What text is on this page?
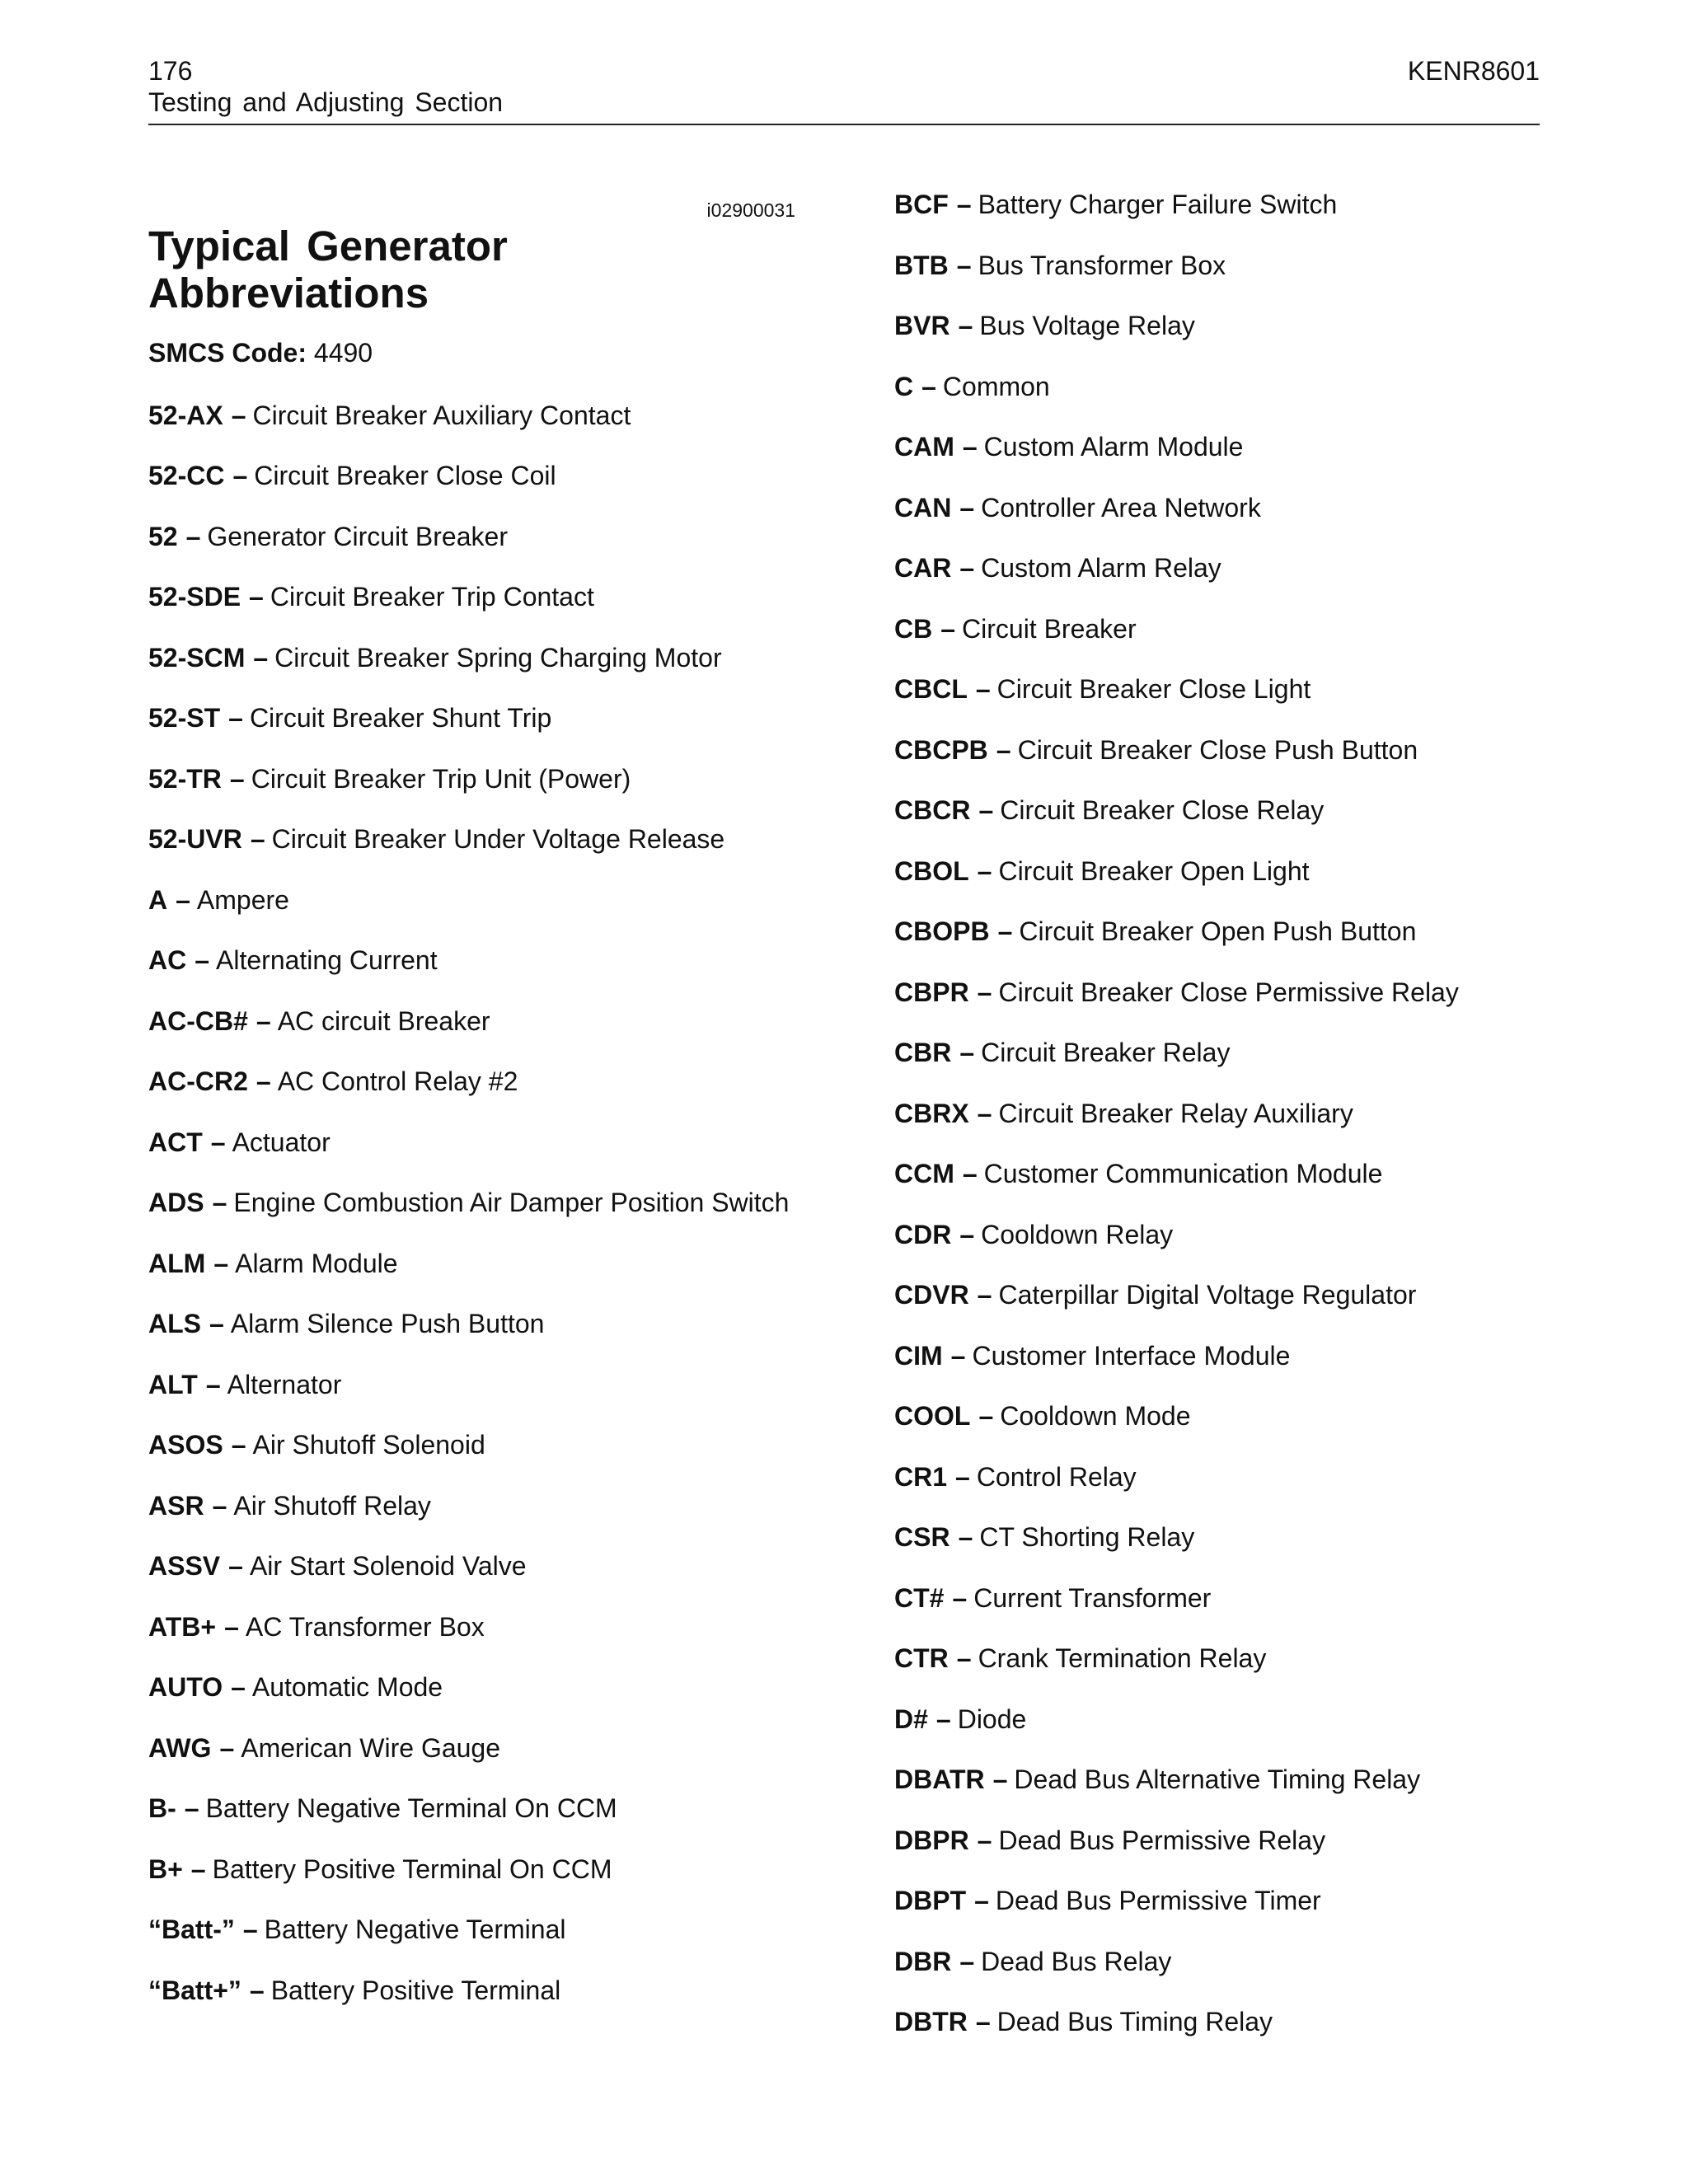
176	KENR8601
Testing and Adjusting Section
i02900031
Typical Generator
Abbreviations
SMCS Code: 4490
52-AX – Circuit Breaker Auxiliary Contact
52-CC – Circuit Breaker Close Coil
52 – Generator Circuit Breaker
52-SDE – Circuit Breaker Trip Contact
52-SCM – Circuit Breaker Spring Charging Motor
52-ST – Circuit Breaker Shunt Trip
52-TR – Circuit Breaker Trip Unit (Power)
52-UVR – Circuit Breaker Under Voltage Release
A – Ampere
AC – Alternating Current
AC-CB# – AC circuit Breaker
AC-CR2 – AC Control Relay #2
ACT – Actuator
ADS – Engine Combustion Air Damper Position Switch
ALM – Alarm Module
ALS – Alarm Silence Push Button
ALT – Alternator
ASOS – Air Shutoff Solenoid
ASR – Air Shutoff Relay
ASSV – Air Start Solenoid Valve
ATB+ – AC Transformer Box
AUTO – Automatic Mode
AWG – American Wire Gauge
B- – Battery Negative Terminal On CCM
B+ – Battery Positive Terminal On CCM
“Batt-” – Battery Negative Terminal
“Batt+” – Battery Positive Terminal
BCF – Battery Charger Failure Switch
BTB – Bus Transformer Box
BVR – Bus Voltage Relay
C – Common
CAM – Custom Alarm Module
CAN – Controller Area Network
CAR – Custom Alarm Relay
CB – Circuit Breaker
CBCL – Circuit Breaker Close Light
CBCPB – Circuit Breaker Close Push Button
CBCR – Circuit Breaker Close Relay
CBOL – Circuit Breaker Open Light
CBOPB – Circuit Breaker Open Push Button
CBPR – Circuit Breaker Close Permissive Relay
CBR – Circuit Breaker Relay
CBRX – Circuit Breaker Relay Auxiliary
CCM – Customer Communication Module
CDR – Cooldown Relay
CDVR – Caterpillar Digital Voltage Regulator
CIM – Customer Interface Module
COOL – Cooldown Mode
CR1 – Control Relay
CSR – CT Shorting Relay
CT# – Current Transformer
CTR – Crank Termination Relay
D# – Diode
DBATR – Dead Bus Alternative Timing Relay
DBPR – Dead Bus Permissive Relay
DBPT – Dead Bus Permissive Timer
DBR – Dead Bus Relay
DBTR – Dead Bus Timing Relay
